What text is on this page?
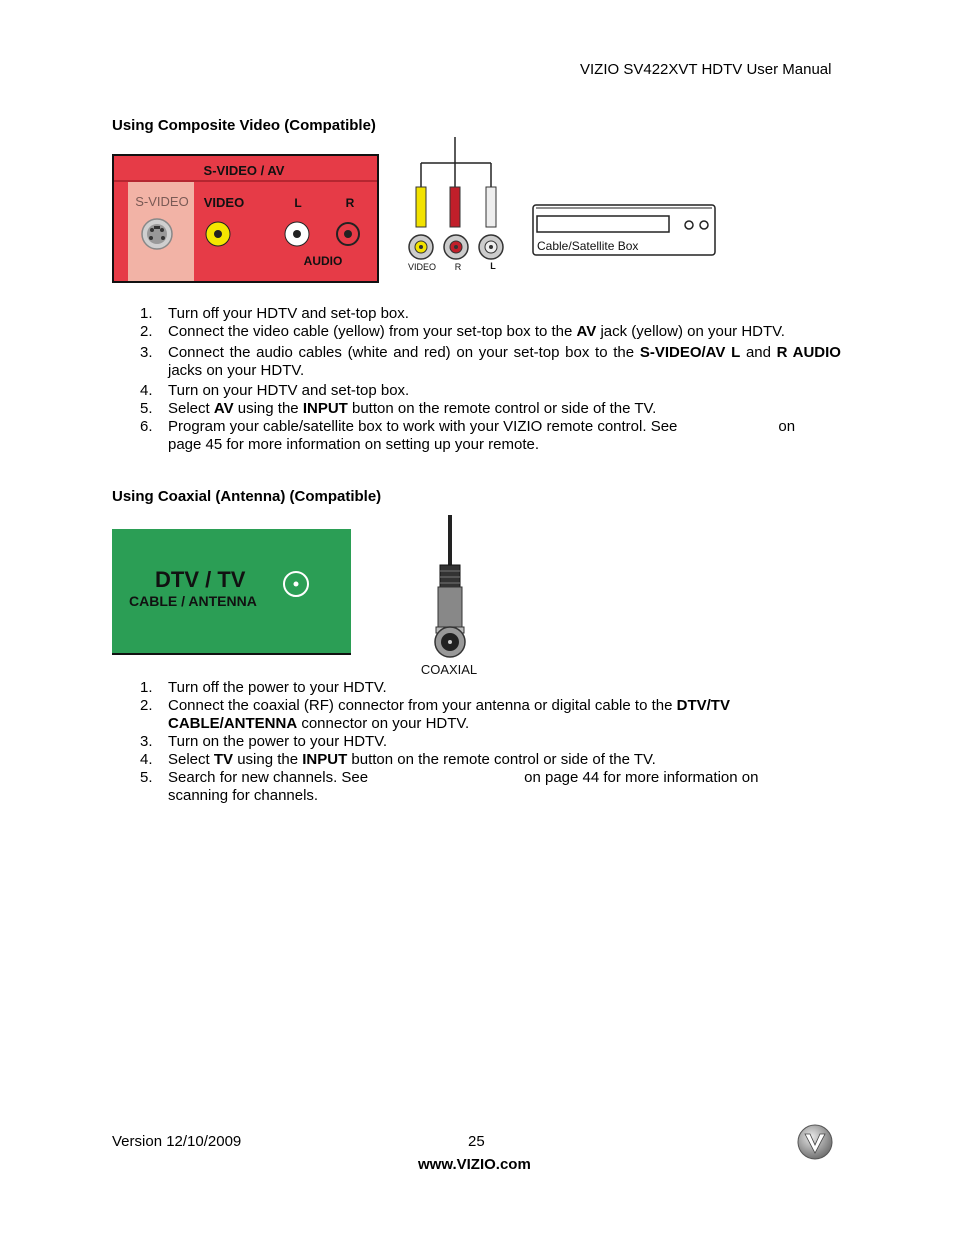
VIZIO SV422XVT HDTV User Manual
Using Composite Video (Compatible)
S-VIDEO / AV
S-VIDEO VIDEO	L	R
AUDIO	VIDEO R	L
Cable/Satellite Box
1. Turn off your HDTV and set-top box.
2. Connect the video cable (yellow) from your set-top box to the AV jack (yellow) on your HDTV.
3. Connect the audio cables (white and red) on your set-top box to the S-VIDEO/AV L and R AUDIO jacks on your HDTV.
4. Turn on your HDTV and set-top box.
5. Select AV using the INPUT button on the remote control or side of the TV.
6. Program your cable/satellite box to work with your VIZIO remote control. See	on
page 45 for more information on setting up your remote.
Using Coaxial (Antenna) (Compatible)
DTV / TV
CABLE / ANTENNA
COAXIAL
1. Turn off the power to your HDTV.
2. Connect the coaxial (RF) connector from your antenna or digital cable to the DTV/TV CABLE/ANTENNA connector on your HDTV.
3. Turn on the power to your HDTV.
4. Select TV using the INPUT button on the remote control or side of the TV.
5. Search for new channels. See	on page 44 for more information on
scanning for channels.
Version 12/10/2009	25
www.VIZIO.com
